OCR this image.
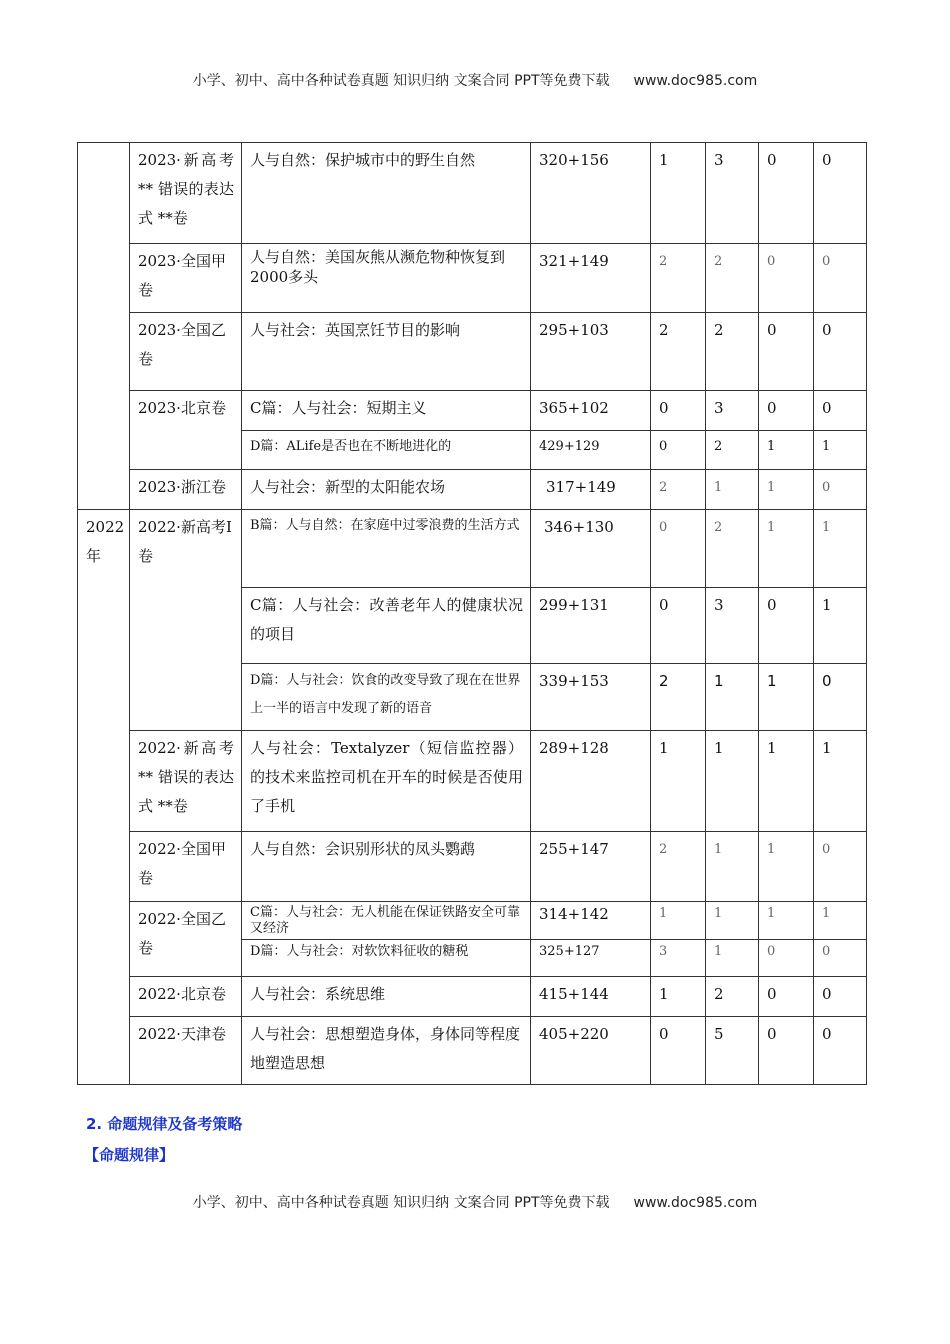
小学、初中、高中各种试卷真题 知识归纳 文案合同 PPT等免费下载 www.doc985.com
	2023·新高考** 错误的表达式 **卷	人与自然：保护城市中的野生自然	320+156	1	3	0	0
	2023·全国甲卷	人与自然：美国灰熊从濒危物种恢复到2000多头	321+149	2	2	0	0
	2023·全国乙卷	人与社会：英国烹饪节目的影响	295+103	2	2	0	0
	2023·北京卷	C篇：人与社会：短期主义	365+102	0	3	0	0
		D篇：ALife是否也在不断地进化的	429+129	0	2	1	1
	2023·浙江卷	人与社会：新型的太阳能农场	317+149	2	1	1	0
2022年	2022·新高考I卷	B篇：人与自然：在家庭中过零浪费的生活方式	346+130	0	2	1	1
		C篇：人与社会：改善老年人的健康状况的项目	299+131	0	3	0	1
		D篇：人与社会：饮食的改变导致了现在在世界上一半的语言中发现了新的语音	339+153	2	1	1	0
	2022·新高考** 错误的表达式 **卷	人与社会：Textalyzer（短信监控器）的技术来监控司机在开车的时候是否使用了手机	289+128	1	1	1	1
	2022·全国甲卷	人与自然：会识别形状的凤头鹦鹉	255+147	2	1	1	0
	2022·全国乙卷	C篇：人与社会：无人机能在保证铁路安全可靠又经济	314+142	1	1	1	1
		D篇：人与社会：对软饮料征收的糖税	325+127	3	1	0	0
	2022·北京卷	人与社会：系统思维	415+144	1	2	0	0
	2022·天津卷	人与社会：思想塑造身体，身体同等程度地塑造思想	405+220	0	5	0	0
2. 命题规律及备考策略
【命题规律】
小学、初中、高中各种试卷真题 知识归纳 文案合同 PPT等免费下载 www.doc985.com
